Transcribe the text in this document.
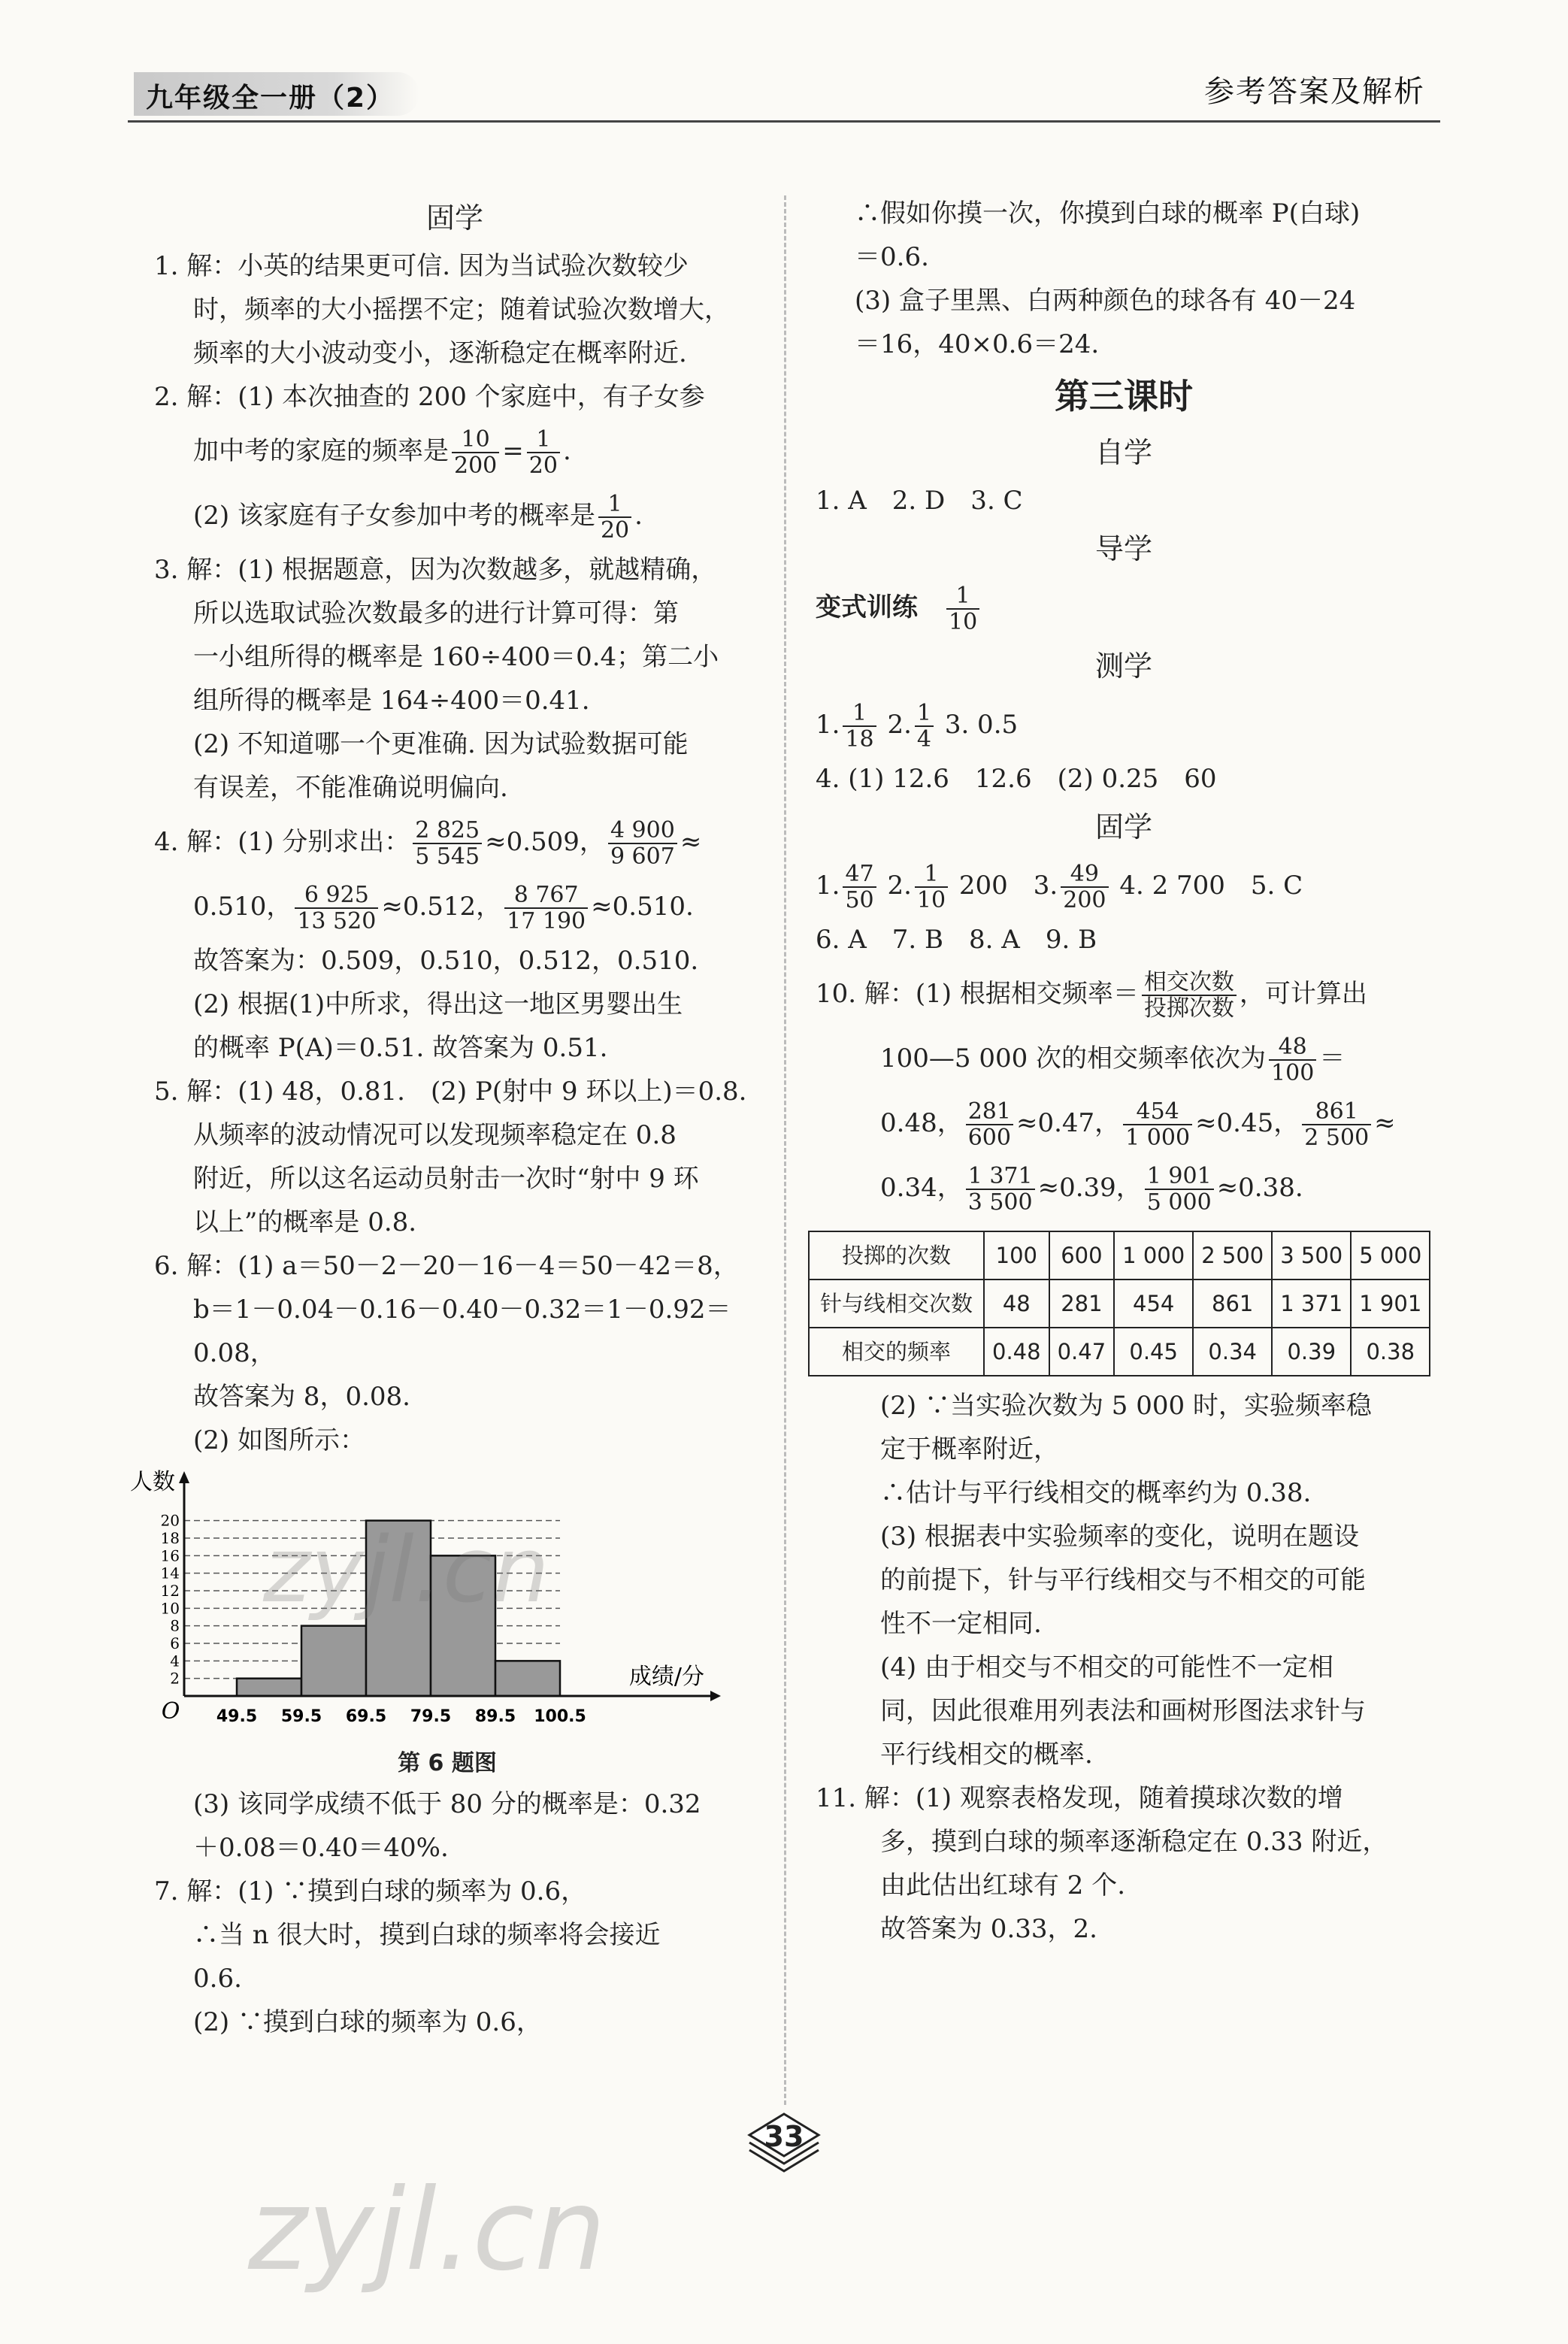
九年级全一册（2）	参考答案及解析
固学
1. 解：小英的结果更可信. 因为当试验次数较少
时，频率的大小摇摆不定；随着试验次数增大，
频率的大小波动变小，逐渐稳定在概率附近.
2. 解：(1) 本次抽查的 200 个家庭中，有子女参
加中考的家庭的频率是 $\frac{10}{200} = \frac{1}{20}$ .
(2) 该家庭有子女参加中考的概率是 $\frac{1}{20}$ .
3. 解：(1) 根据题意，因为次数越多，就越精确，
所以选取试验次数最多的进行计算可得：第
一小组所得的概率是 160÷400＝0.4；第二小
组所得的概率是 164÷400＝0.41.
(2) 不知道哪一个更准确. 因为试验数据可能
有误差，不能准确说明偏向.
4. 解：(1) 分别求出： $\frac{2 825}{5 545} \approx 0.509$， $\frac{4 900}{9 607}$ ≈
0.510， $\frac{6 925}{13 520} \approx 0.512$， $\frac{8 767}{17 190} \approx 0.510$.
故答案为：0.509，0.510，0.512，0.510.
(2) 根据(1)中所求，得出这一地区男婴出生
的概率 P(A)＝0.51. 故答案为 0.51.
5. 解：(1) 48，0.81.　(2) P(射中 9 环以上)＝0.8.
从频率的波动情况可以发现频率稳定在 0.8
附近，所以这名运动员射击一次时“射中 9 环
以上”的概率是 0.8.
6. 解：(1) a＝50－2－20－16－4＝50－42＝8，
b＝1－0.04－0.16－0.40－0.32＝1－0.92＝
0.08，
故答案为 8，0.08.
(2) 如图所示：
2
4
6
8
10
12
14
16
18
20
49.5 59.5 69.5 79.5 89.5 100.5
人数
成绩/分
O
第 6 题图
(3) 该同学成绩不低于 80 分的概率是：0.32
＋0.08＝0.40＝40%.
7. 解：(1) ∵摸到白球的频率为 0.6，
∴当 n 很大时，摸到白球的频率将会接近
0.6.
(2) ∵摸到白球的频率为 0.6，
∴假如你摸一次，你摸到白球的概率 P(白球)
＝0.6.
(3) 盒子里黑、白两种颜色的球各有 40－24
＝16，40×0.6＝24.
第三课时
自学
1. A　2. D　3. C
导学
变式训练　 $\frac{1}{10}$
测学
1. $\frac{1}{18} 2$. $\frac{1}{4} 3$. 0.5
4. (1) 12.6　12.6　(2) 0.25　60
固学
1. $\frac{47}{50} 2$. $\frac{1}{10} 200$　3. $\frac{49}{200} 4$. 2 700　5. C
6. A　7. B　8. A　9. B
10. 解：(1) 根据相交频率＝ $\frac{\text{相交次数}}{\text{投掷次数}}$ ，可计算出
100—5 000 次的相交频率依次为 $\frac{48}{100}$ ＝
0.48， $\frac{281}{600} \approx 0.47$， $\frac{454}{1 000} \approx 0.45$， $\frac{861}{2 500}$ ≈
0.34， $\frac{1 371}{3 500} \approx 0.39$， $\frac{1 901}{5 000} \approx 0.38$.
投掷的次数	100	600	1 000	2 500	3 500	5 000
针与线相交次数	48	281	454	861	1 371	1 901
相交的频率	0.48	0.47	0.45	0.34	0.39	0.38
(2) ∵当实验次数为 5 000 时，实验频率稳
定于概率附近，
∴估计与平行线相交的概率约为 0.38.
(3) 根据表中实验频率的变化，说明在题设
的前提下，针与平行线相交与不相交的可能
性不一定相同.
(4) 由于相交与不相交的可能性不一定相
同，因此很难用列表法和画树形图法求针与
平行线相交的概率.
11. 解：(1) 观察表格发现，随着摸球次数的增
多，摸到白球的频率逐渐稳定在 0.33 附近，
由此估出红球有 2 个.
故答案为 0.33，2.
33
zyjl.cn
zyjl.cn
